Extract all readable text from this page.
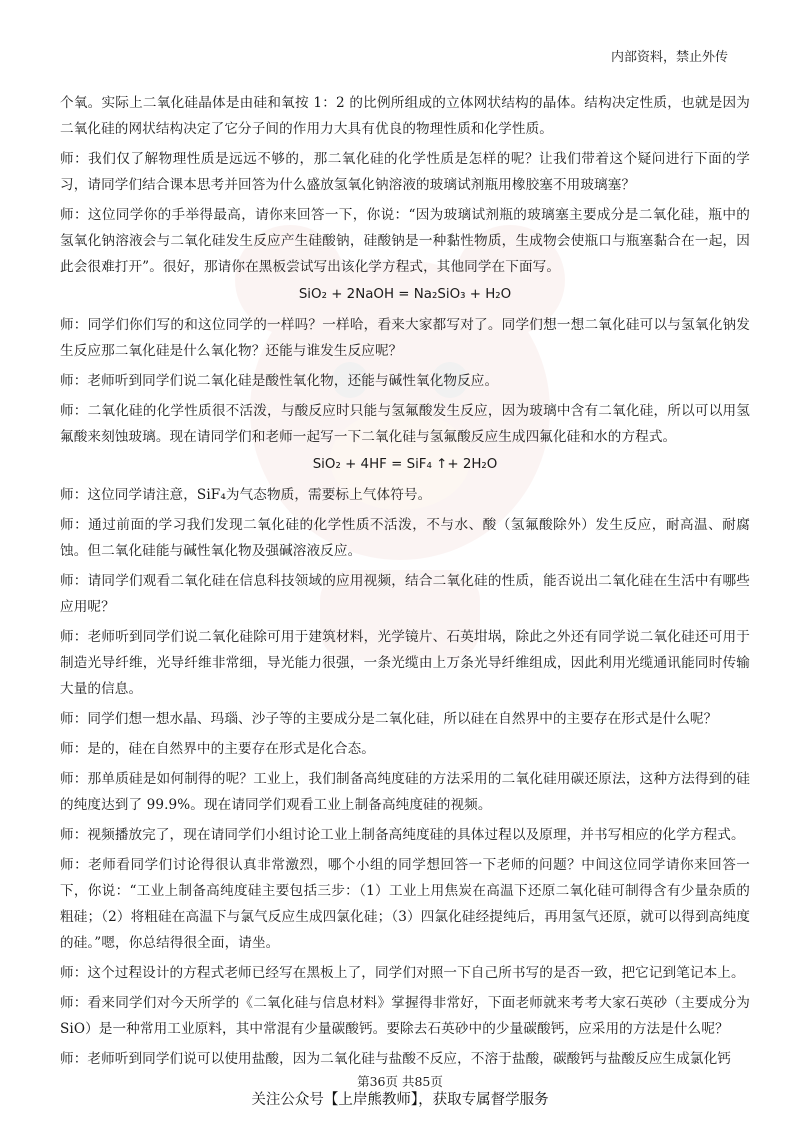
内部资料，禁止外传

个氧。实际上二氧化硅晶体是由硅和氧按 1：2 的比例所组成的立体网状结构的晶体。结构决定性质，也就是因为二氧化硅的网状结构决定了它分子间的作用力大具有优良的物理性质和化学性质。

师：我们仅了解物理性质是远远不够的，那二氧化硅的化学性质是怎样的呢？让我们带着这个疑问进行下面的学习，请同学们结合课本思考并回答为什么盛放氢氧化钠溶液的玻璃试剂瓶用橡胶塞不用玻璃塞？

师：这位同学你的手举得最高，请你来回答一下，你说：“因为玻璃试剂瓶的玻璃塞主要成分是二氧化硅，瓶中的氢氧化钠溶液会与二氧化硅发生反应产生硅酸钠，硅酸钠是一种黏性物质，生成物会使瓶口与瓶塞黏合在一起，因此会很难打开”。很好，那请你在黑板尝试写出该化学方程式，其他同学在下面写。

SiO₂ + 2NaOH = Na₂SiO₃ + H₂O

师：同学们你们写的和这位同学的一样吗？一样哈，看来大家都写对了。同学们想一想二氧化硅可以与氢氧化钠发生反应那二氧化硅是什么氧化物？还能与谁发生反应呢？

师：老师听到同学们说二氧化硅是酸性氧化物，还能与碱性氧化物反应。

师：二氧化硅的化学性质很不活泼，与酸反应时只能与氢氟酸发生反应，因为玻璃中含有二氧化硅，所以可以用氢氟酸来刻蚀玻璃。现在请同学们和老师一起写一下二氧化硅与氢氟酸反应生成四氟化硅和水的方程式。

SiO₂ + 4HF = SiF₄ ↑+ 2H₂O

师：这位同学请注意，SiF₄为气态物质，需要标上气体符号。

师：通过前面的学习我们发现二氧化硅的化学性质不活泼，不与水、酸（氢氟酸除外）发生反应，耐高温、耐腐蚀。但二氧化硅能与碱性氧化物及强碱溶液反应。

师：请同学们观看二氧化硅在信息科技领域的应用视频，结合二氧化硅的性质，能否说出二氧化硅在生活中有哪些应用呢？

师：老师听到同学们说二氧化硅除可用于建筑材料，光学镜片、石英坩埚，除此之外还有同学说二氧化硅还可用于制造光导纤维，光导纤维非常细，导光能力很强，一条光缆由上万条光导纤维组成，因此利用光缆通讯能同时传输大量的信息。

师：同学们想一想水晶、玛瑙、沙子等的主要成分是二氧化硅，所以硅在自然界中的主要存在形式是什么呢？

师：是的，硅在自然界中的主要存在形式是化合态。

师：那单质硅是如何制得的呢？工业上，我们制备高纯度硅的方法采用的二氧化硅用碳还原法，这种方法得到的硅的纯度达到了 99.9%。现在请同学们观看工业上制备高纯度硅的视频。

师：视频播放完了，现在请同学们小组讨论工业上制备高纯度硅的具体过程以及原理，并书写相应的化学方程式。

师：老师看同学们讨论得很认真非常激烈，哪个小组的同学想回答一下老师的问题？中间这位同学请你来回答一下，你说：“工业上制备高纯度硅主要包括三步：（1）工业上用焦炭在高温下还原二氧化硅可制得含有少量杂质的粗硅；（2）将粗硅在高温下与氯气反应生成四氯化硅；（3）四氯化硅经提纯后，再用氢气还原，就可以得到高纯度的硅。”嗯，你总结得很全面，请坐。

师：这个过程设计的方程式老师已经写在黑板上了，同学们对照一下自己所书写的是否一致，把它记到笔记本上。

师：看来同学们对今天所学的《二氧化硅与信息材料》掌握得非常好，下面老师就来考考大家石英砂（主要成分为 SiO）是一种常用工业原料，其中常混有少量碳酸钙。要除去石英砂中的少量碳酸钙，应采用的方法是什么呢？

师：老师听到同学们说可以使用盐酸，因为二氧化硅与盐酸不反应，不溶于盐酸，碳酸钙与盐酸反应生成氯化钙

第36页 共85页
关注公众号【上岸熊教师】，获取专属督学服务
